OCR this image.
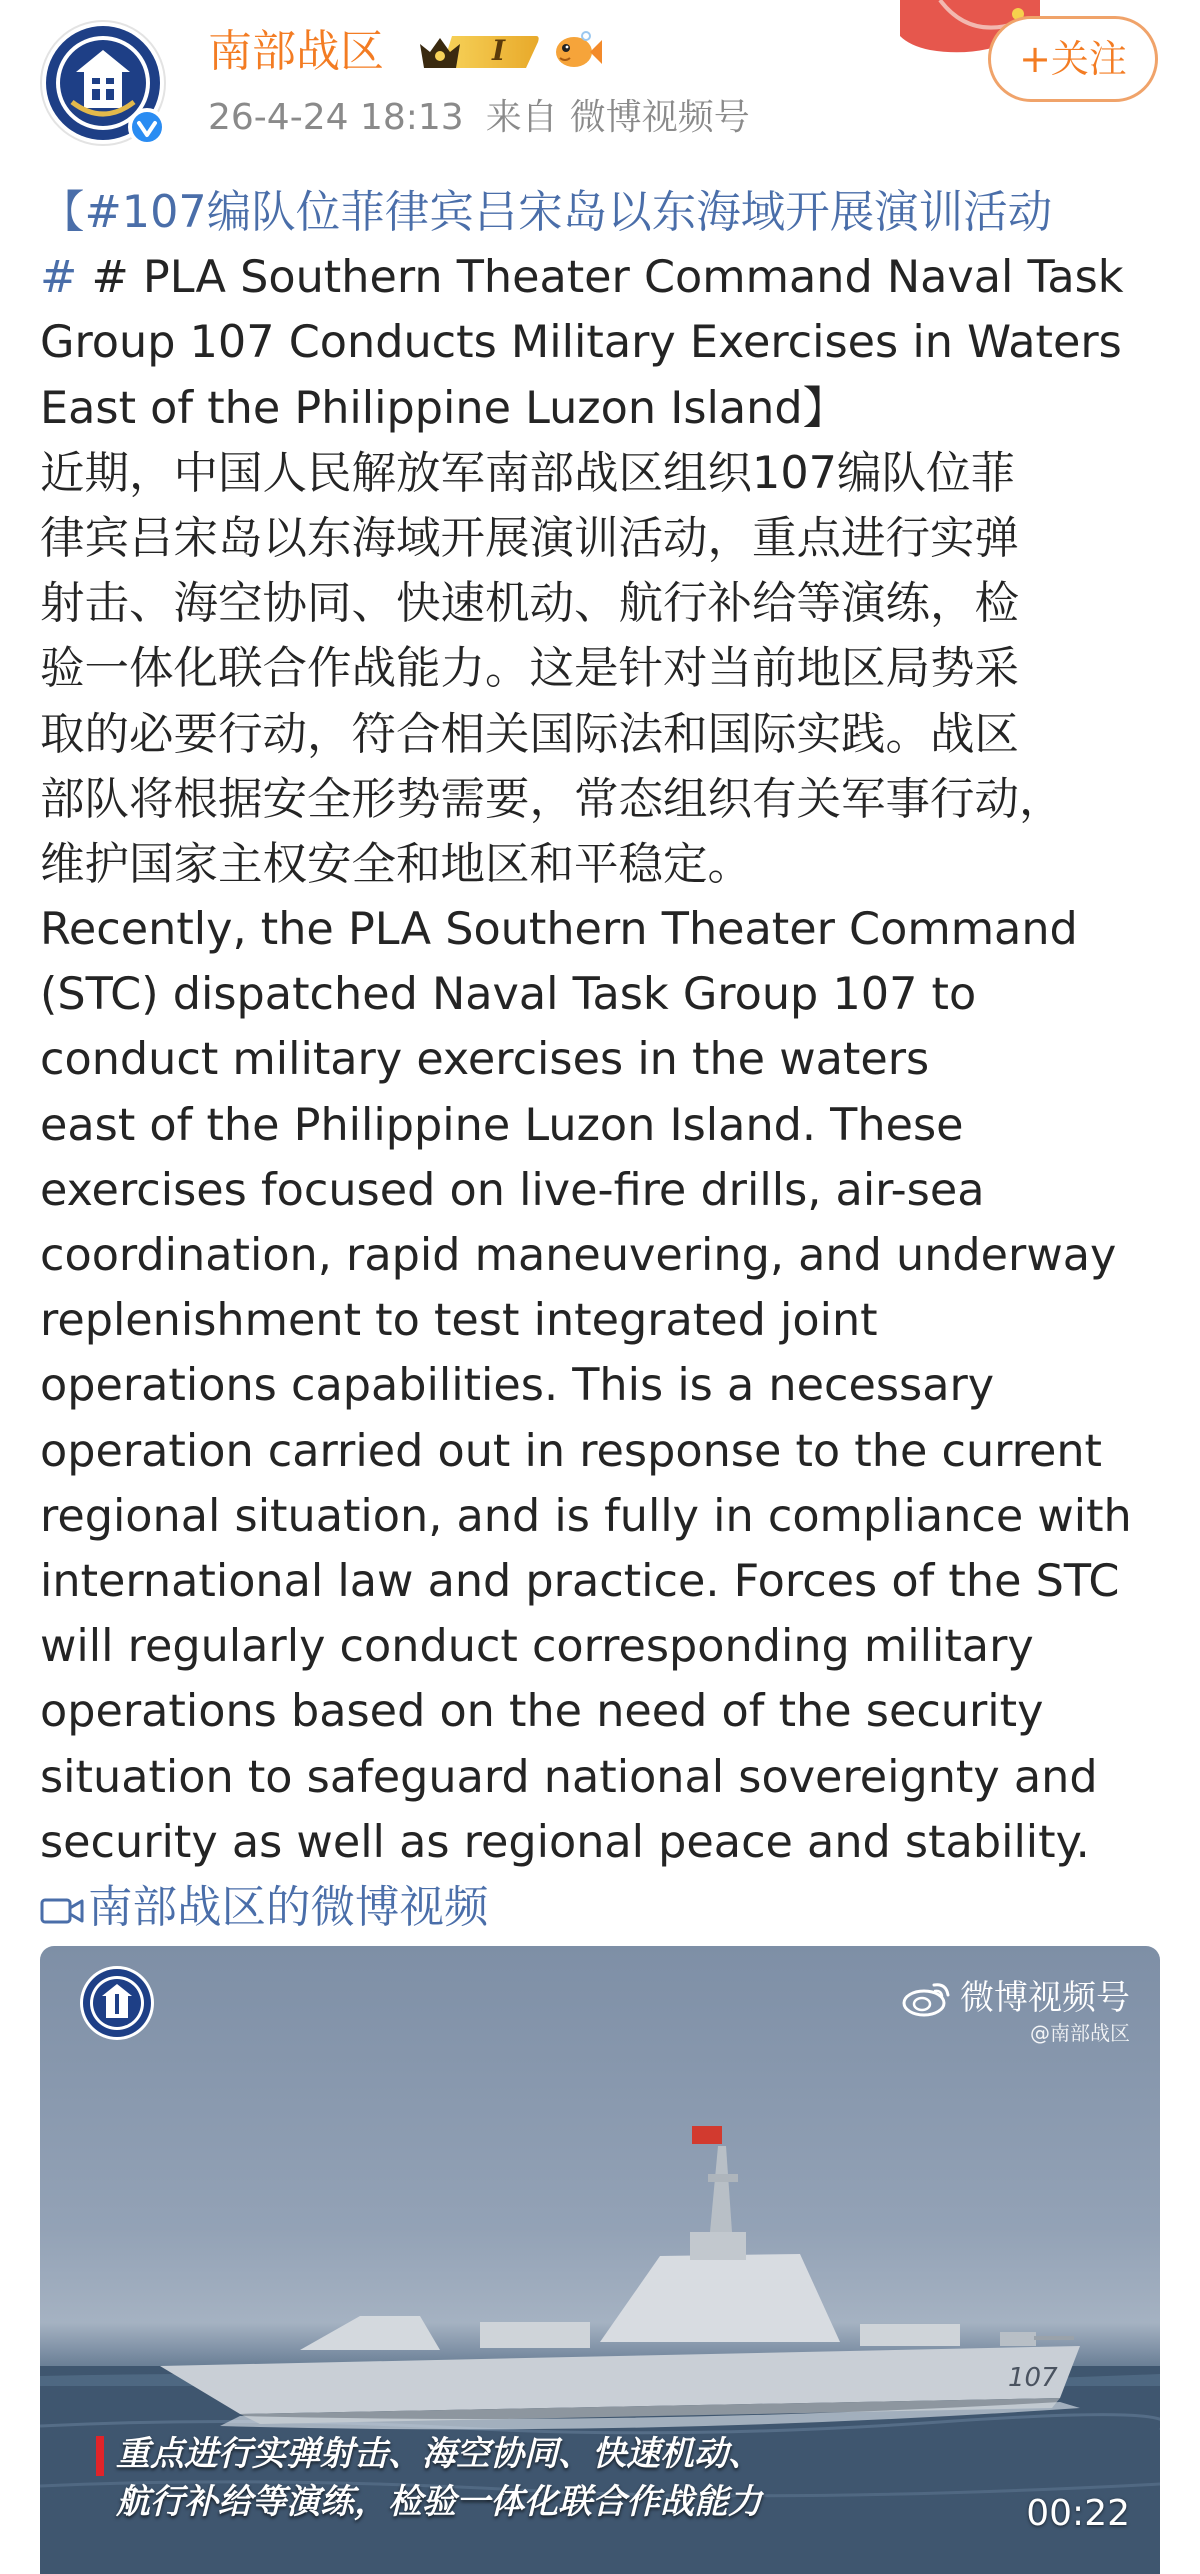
南部战区	I
26-4-24 18:13 来自 微博视频号
+关注
【#107编队位菲律宾吕宋岛以东海域开展演训活动
# # PLA Southern Theater Command Naval Task
Group 107 Conducts Military Exercises in Waters
East of the Philippine Luzon Island】
近期，中国人民解放军南部战区组织107编队位菲
律宾吕宋岛以东海域开展演训活动，重点进行实弹
射击、海空协同、快速机动、航行补给等演练，检
验一体化联合作战能力。这是针对当前地区局势采
取的必要行动，符合相关国际法和国际实践。战区
部队将根据安全形势需要，常态组织有关军事行动，
维护国家主权安全和地区和平稳定。
Recently, the PLA Southern Theater Command
(STC) dispatched Naval Task Group 107 to
conduct military exercises in the waters
east of the Philippine Luzon Island. These
exercises focused on live-fire drills, air-sea
coordination, rapid maneuvering, and underway
replenishment to test integrated joint
operations capabilities. This is a necessary
operation carried out in response to the current
regional situation, and is fully in compliance with
international law and practice. Forces of the STC
will regularly conduct corresponding military
operations based on the need of the security
situation to safeguard national sovereignty and
security as well as regional peace and stability.
南部战区的微博视频
107
微博视频号
@南部战区
重点进行实弹射击、海空协同、快速机动、
航行补给等演练，检验一体化联合作战能力	00:22
